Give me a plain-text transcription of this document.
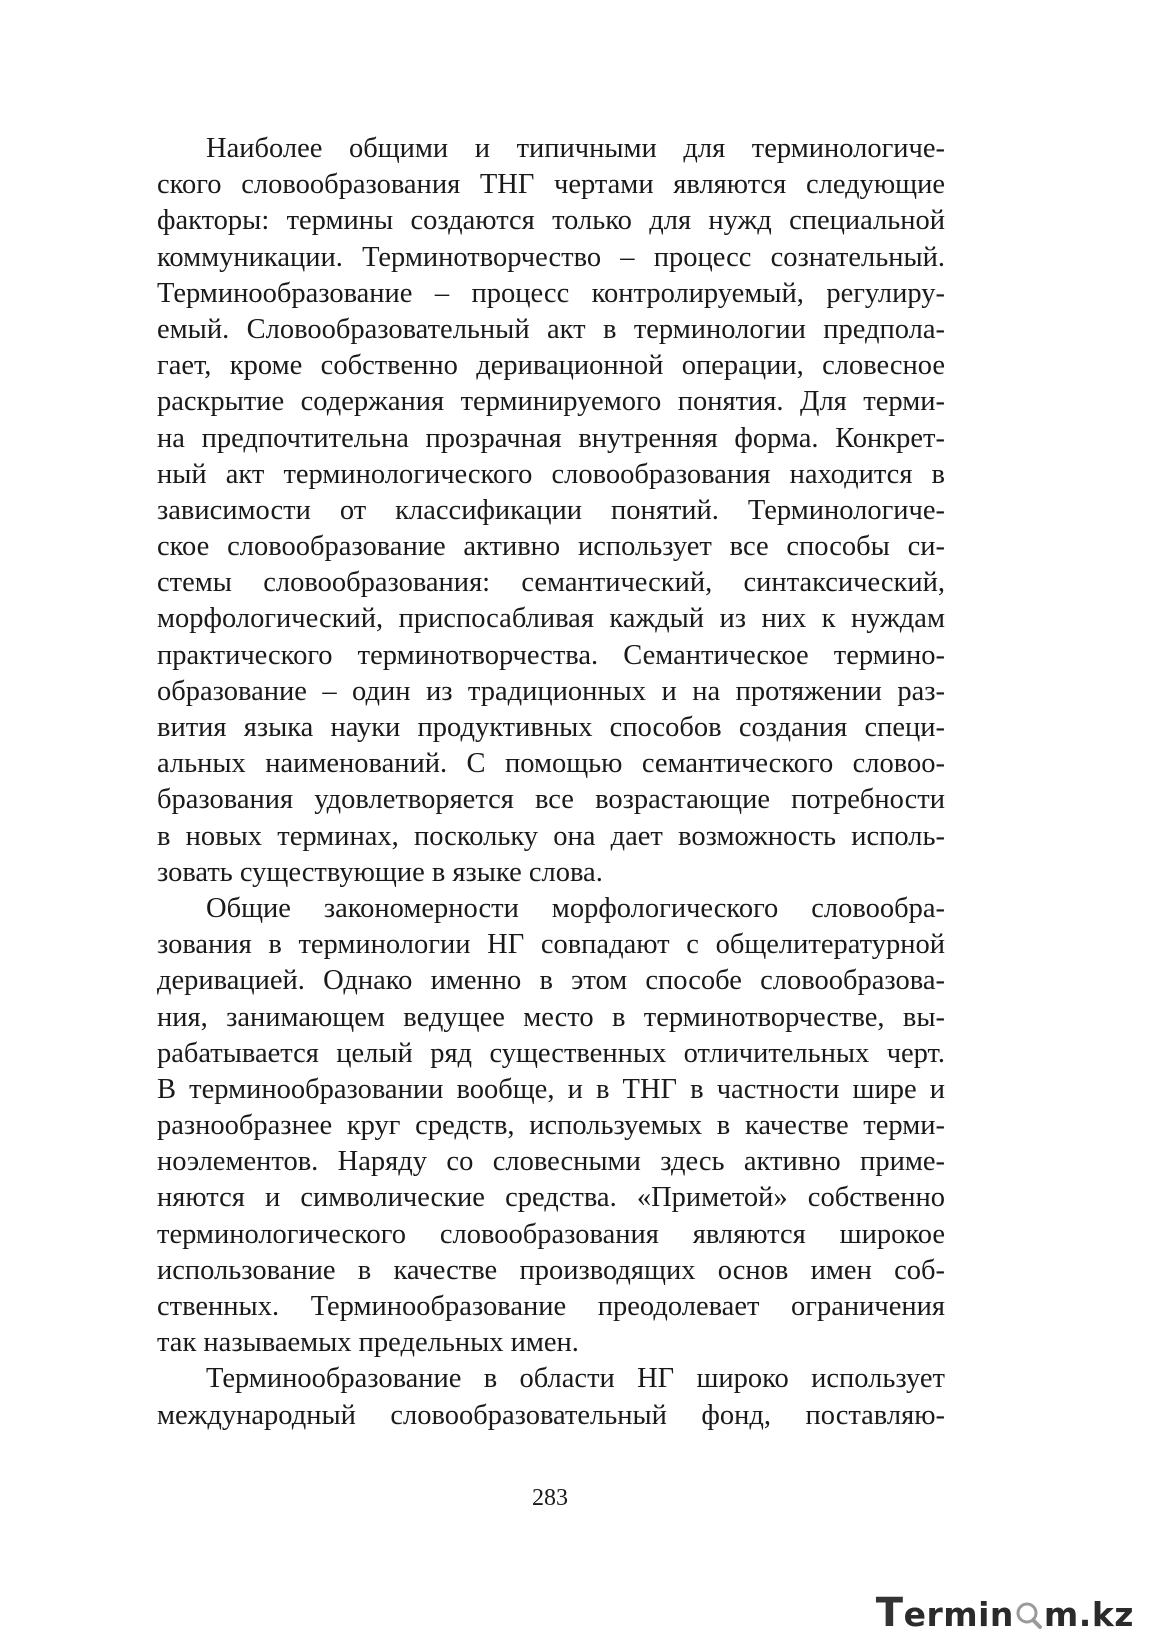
Наиболее общими и типичными для терминологиче-
ского словообразования ТНГ чертами являются следующие
факторы: термины создаются только для нужд специальной
коммуникации. Терминотворчество – процесс сознательный.
Терминообразование – процесс контролируемый, регулиру-
емый. Словообразовательный акт в терминологии предпола-
гает, кроме собственно деривационной операции, словесное
раскрытие содержания терминируемого понятия. Для терми-
на предпочтительна прозрачная внутренняя форма. Конкрет-
ный акт терминологического словообразования находится в
зависимости от классификации понятий. Терминологиче-
ское словообразование активно использует все способы си-
стемы словообразования: семантический, синтаксический,
морфологический, приспосабливая каждый из них к нуждам
практического терминотворчества. Семантическое термино-
образование – один из традиционных и на протяжении раз-
вития языка науки продуктивных способов создания специ-
альных наименований. С помощью семантического словоо-
бразования удовлетворяется все возрастающие потребности
в новых терминах, поскольку она дает возможность исполь-
зовать существующие в языке слова.
Общие закономерности морфологического словообра-
зования в терминологии НГ совпадают с общелитературной
деривацией. Однако именно в этом способе словообразова-
ния, занимающем ведущее место в терминотворчестве, вы-
рабатывается целый ряд существенных отличительных черт.
В терминообразовании вообще, и в ТНГ в частности шире и
разнообразнее круг средств, используемых в качестве терми-
ноэлементов. Наряду со словесными здесь активно приме-
няются и символические средства. «Приметой» собственно
терминологического словообразования являются широкое
использование в качестве производящих основ имен соб-
ственных. Терминообразование преодолевает ограничения
так называемых предельных имен.
Терминообразование в области НГ широко использует
международный словообразовательный фонд, поставляю-
283
T ermin m.kz
